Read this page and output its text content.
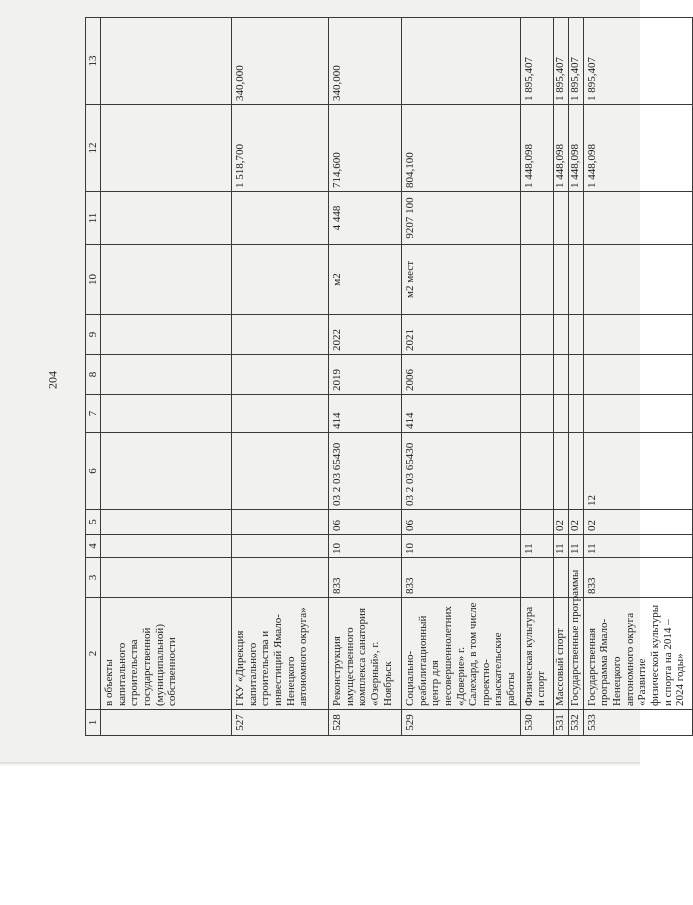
204
1	2	3	4	5	6	7	8	9	10	11	12	13
	в объекты капитального строительства государственной (муниципальной) собственности											
527	ГКУ «Дирекция капитального строительства и инвестиций Ямало-Ненецкого автономного округа»										1 518,700	340,000
528	Реконструкция имущественного комплекса санатория «Озерный», г. Ноябрьск	833	10	06	03 2 03 65430	414	2019	2022	м2	4 448	714,600	340,000
529	Социально-реабилитационный центр для несовершеннолетних «Доверие» г. Салехард, в том числе проектно-изыскательские работы	833	10	06	03 2 03 65430	414	2006	2021	м2 мест	9207 100	804,100	
530	Физическая культура и спорт		11								1 448,098	1 895,407
531	Массовый спорт		11	02							1 448,098	1 895,407
532	Государственные программы		11	02							1 448,098	1 895,407
533	Государственная программа Ямало-Ненецкого автономного округа «Развитие физической культуры и спорта на 2014 – 2024 годы»	833	11	02	12						1 448,098	1 895,407
